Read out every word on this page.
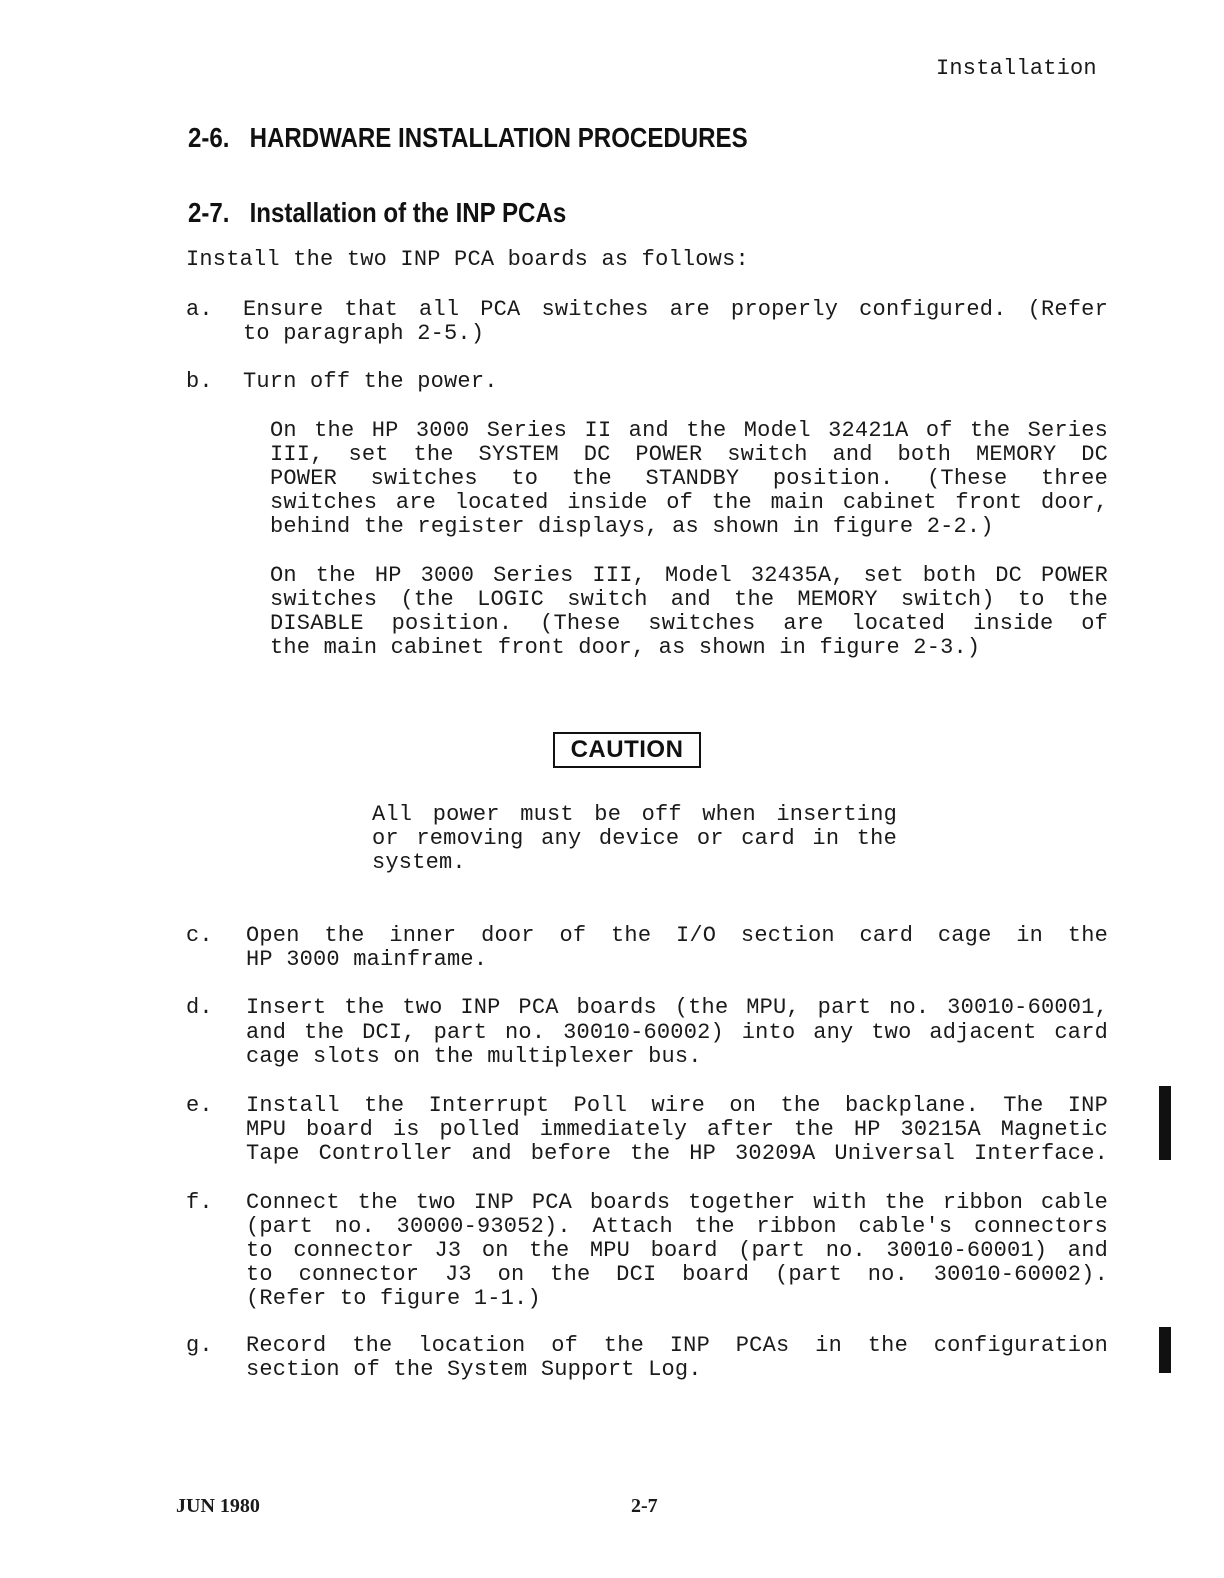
Installation
2-6. HARDWARE INSTALLATION PROCEDURES
2-7. Installation of the INP PCAs
Install the two INP PCA boards as follows:
a. Ensure that all PCA switches are properly configured. (Refer
to paragraph 2-5.)
b. Turn off the power.
On the HP 3000 Series II and the Model 32421A of the Series
III, set the SYSTEM DC POWER switch and both MEMORY DC
POWER switches to the STANDBY position. (These three
switches are located inside of the main cabinet front door,
behind the register displays, as shown in figure 2-2.)
On the HP 3000 Series III, Model 32435A, set both DC POWER
switches (the LOGIC switch and the MEMORY switch) to the
DISABLE position. (These switches are located inside of
the main cabinet front door, as shown in figure 2-3.)
CAUTION
All power must be off when inserting
or removing any device or card in the
system.
c. Open the inner door of the I/O section card cage in the
HP 3000 mainframe.
d. Insert the two INP PCA boards (the MPU, part no. 30010-60001,
and the DCI, part no. 30010-60002) into any two adjacent card
cage slots on the multiplexer bus.
e. Install the Interrupt Poll wire on the backplane. The INP
MPU board is polled immediately after the HP 30215A Magnetic
Tape Controller and before the HP 30209A Universal Interface.
f. Connect the two INP PCA boards together with the ribbon cable
(part no. 30000-93052). Attach the ribbon cable's connectors
to connector J3 on the MPU board (part no. 30010-60001) and
to connector J3 on the DCI board (part no. 30010-60002).
(Refer to figure 1-1.)
g. Record the location of the INP PCAs in the configuration
section of the System Support Log.
JUN 1980	2-7
